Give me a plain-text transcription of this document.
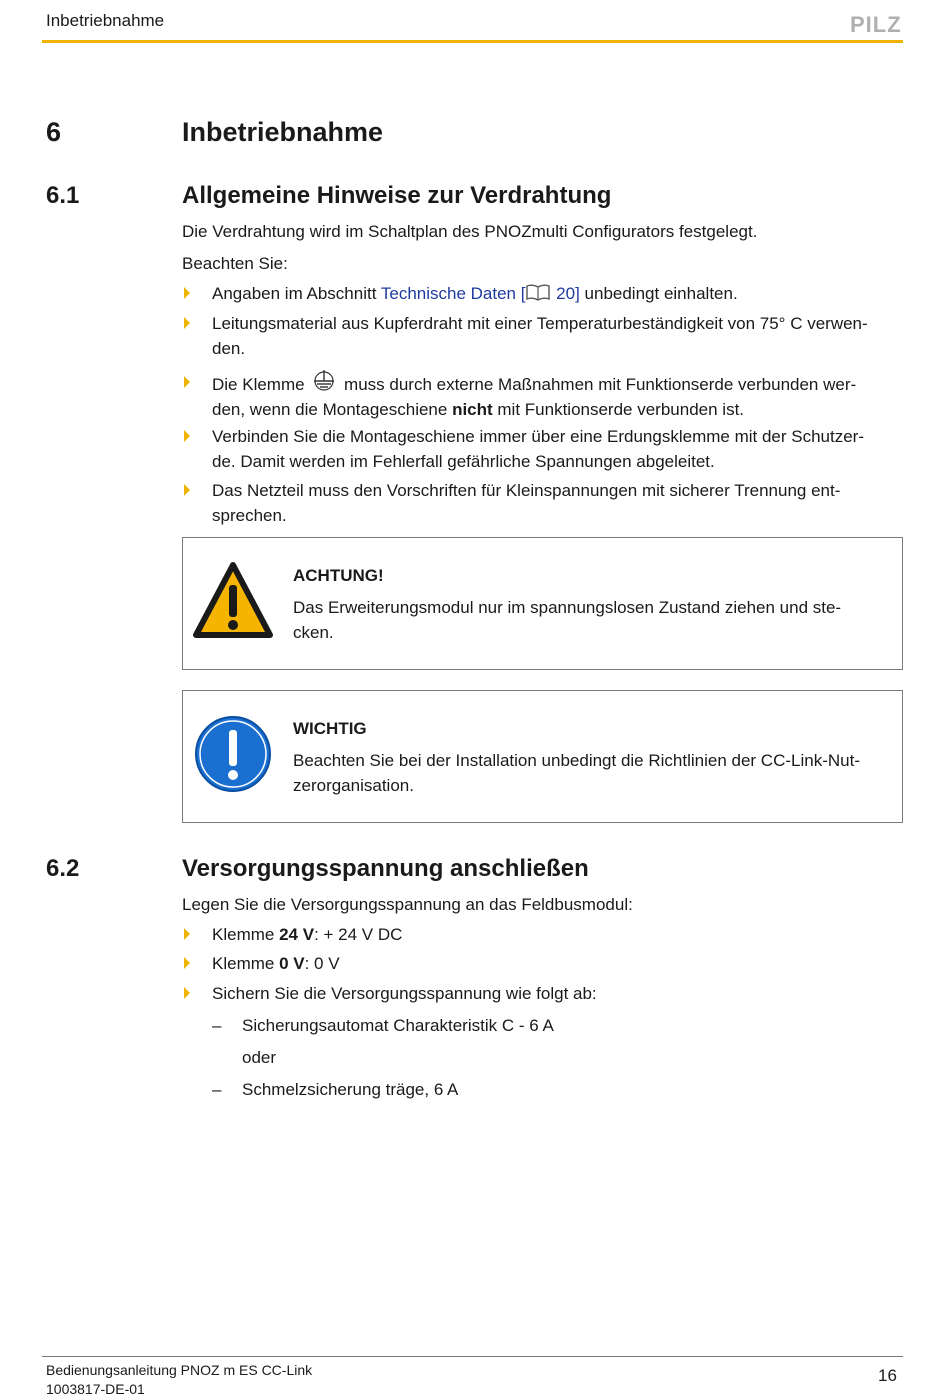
Inbetriebnahme	PILZ
6	Inbetriebnahme
6.1	Allgemeine Hinweise zur Verdrahtung
Die Verdrahtung wird im Schaltplan des PNOZmulti Configurators festgelegt.
Beachten Sie:
Angaben im Abschnitt Technische Daten [ 20] unbedingt einhalten.
Leitungsmaterial aus Kupferdraht mit einer Temperaturbeständigkeit von 75° C verwen-
den.
Die Klemme  muss durch externe Maßnahmen mit Funktionserde verbunden wer-
den, wenn die Montageschiene nicht mit Funktionserde verbunden ist.
Verbinden Sie die Montageschiene immer über eine Erdungsklemme mit der Schutzer-
de. Damit werden im Fehlerfall gefährliche Spannungen abgeleitet.
Das Netzteil muss den Vorschriften für Kleinspannungen mit sicherer Trennung ent-
sprechen.
ACHTUNG!
Das Erweiterungsmodul nur im spannungslosen Zustand ziehen und ste-
cken.
WICHTIG
Beachten Sie bei der Installation unbedingt die Richtlinien der CC-Link-Nut-
zerorganisation.
6.2	Versorgungsspannung anschließen
Legen Sie die Versorgungsspannung an das Feldbusmodul:
Klemme 24 V: + 24 V DC
Klemme 0 V: 0 V
Sichern Sie die Versorgungsspannung wie folgt ab:
– Sicherungsautomat Charakteristik C - 6 A
oder
– Schmelzsicherung träge, 6 A
Bedienungsanleitung PNOZ m ES CC-Link
1003817-DE-01
16
